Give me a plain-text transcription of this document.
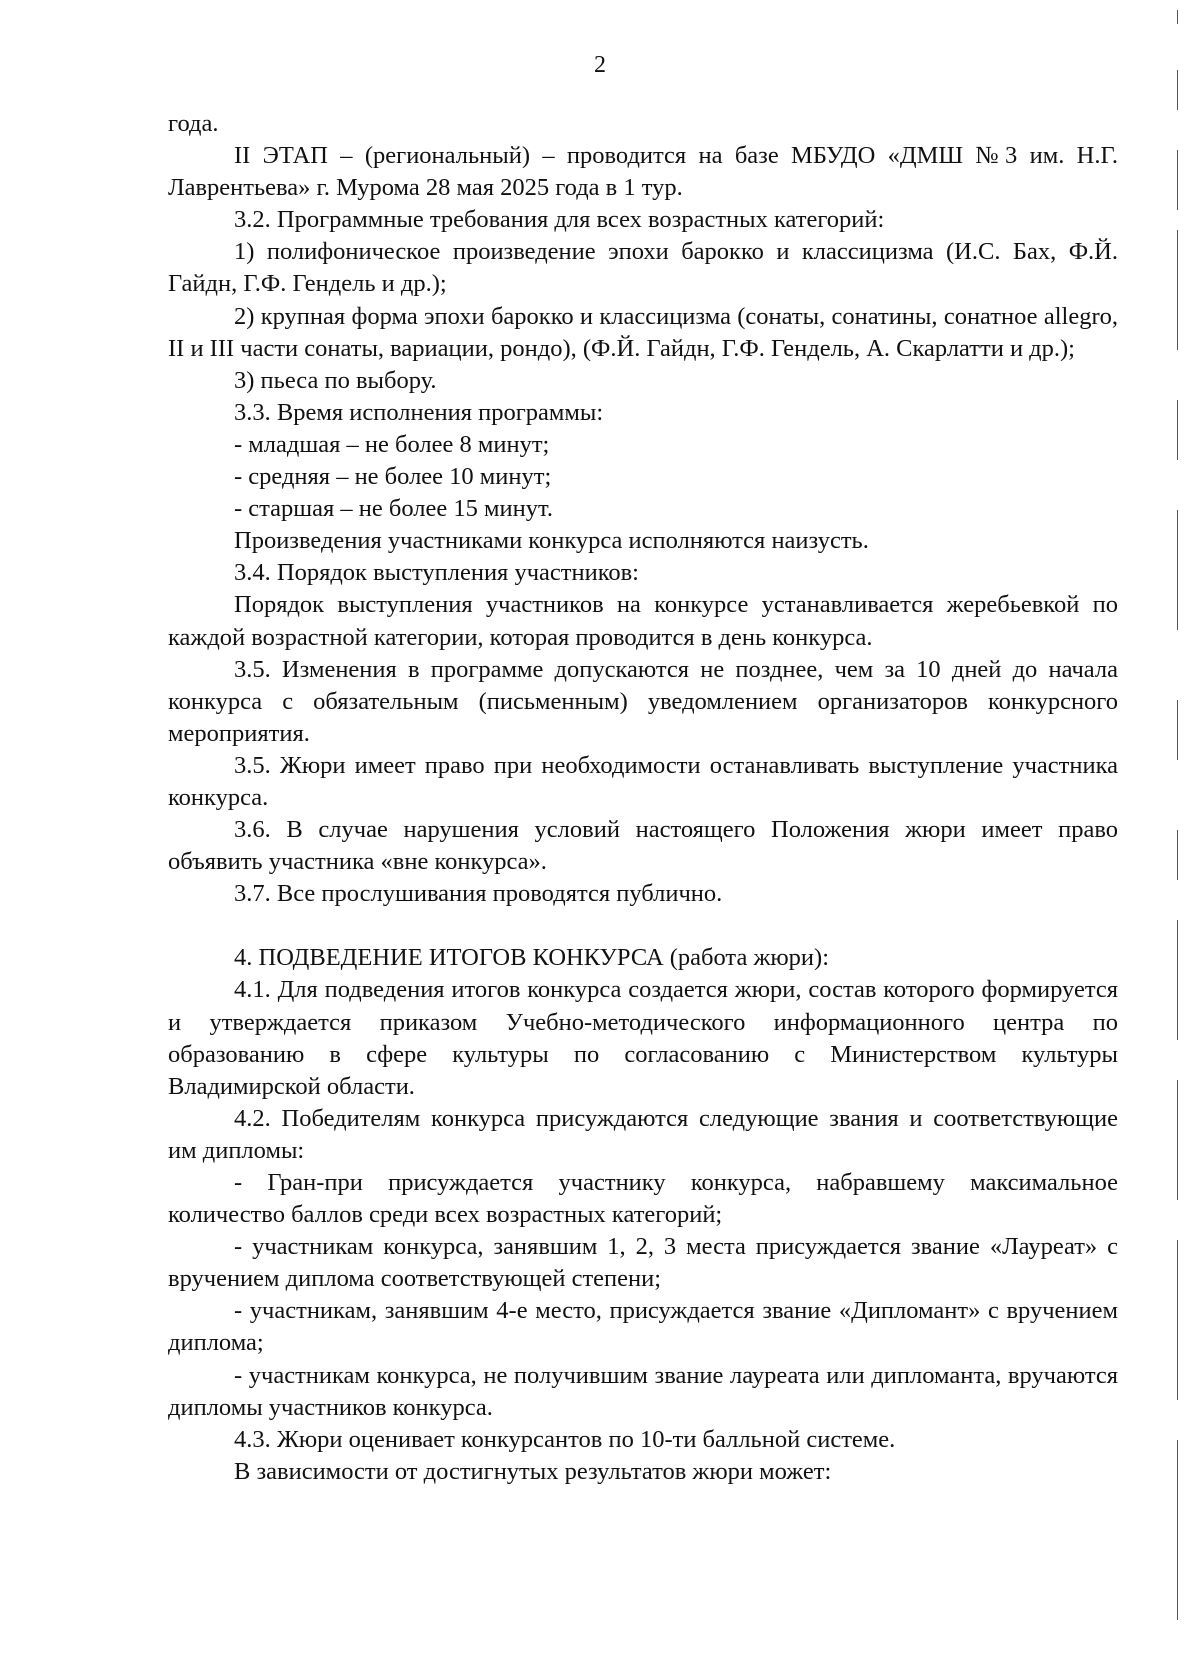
2

года.

II ЭТАП – (региональный) – проводится на базе МБУДО «ДМШ №3 им. Н.Г. Лаврентьева» г. Мурома 28 мая 2025 года в 1 тур.

3.2. Программные требования для всех возрастных категорий:

1) полифоническое произведение эпохи барокко и классицизма (И.С. Бах, Ф.Й. Гайдн, Г.Ф. Гендель и др.);

2) крупная форма эпохи барокко и классицизма (сонаты, сонатины, сонатное allegro, II и III части сонаты, вариации, рондо), (Ф.Й. Гайдн, Г.Ф. Гендель, А. Скарлатти и др.);

3) пьеса по выбору.

3.3. Время исполнения программы:

- младшая – не более 8 минут;

- средняя – не более 10 минут;

- старшая – не более 15 минут.

Произведения участниками конкурса исполняются наизусть.

3.4. Порядок выступления участников:

Порядок выступления участников на конкурсе устанавливается жеребьевкой по каждой возрастной категории, которая проводится в день конкурса.

3.5. Изменения в программе допускаются не позднее, чем за 10 дней до начала конкурса с обязательным (письменным) уведомлением организаторов конкурсного мероприятия.

3.5. Жюри имеет право при необходимости останавливать выступление участника конкурса.

3.6. В случае нарушения условий настоящего Положения жюри имеет право объявить участника «вне конкурса».

3.7. Все прослушивания проводятся публично.

4. ПОДВЕДЕНИЕ ИТОГОВ КОНКУРСА (работа жюри):

4.1. Для подведения итогов конкурса создается жюри, состав которого формируется и утверждается приказом Учебно-методического информационного центра по образованию в сфере культуры по согласованию с Министерством культуры Владимирской области.

4.2. Победителям конкурса присуждаются следующие звания и соответствующие им дипломы:

- Гран-при присуждается участнику конкурса, набравшему максимальное количество баллов среди всех возрастных категорий;

- участникам конкурса, занявшим 1, 2, 3 места присуждается звание «Лауреат» с вручением диплома соответствующей степени;

- участникам, занявшим 4-е место, присуждается звание «Дипломант» с вручением диплома;

- участникам конкурса, не получившим звание лауреата или дипломанта, вручаются дипломы участников конкурса.

4.3. Жюри оценивает конкурсантов по 10-ти балльной системе.

В зависимости от достигнутых результатов жюри может:
